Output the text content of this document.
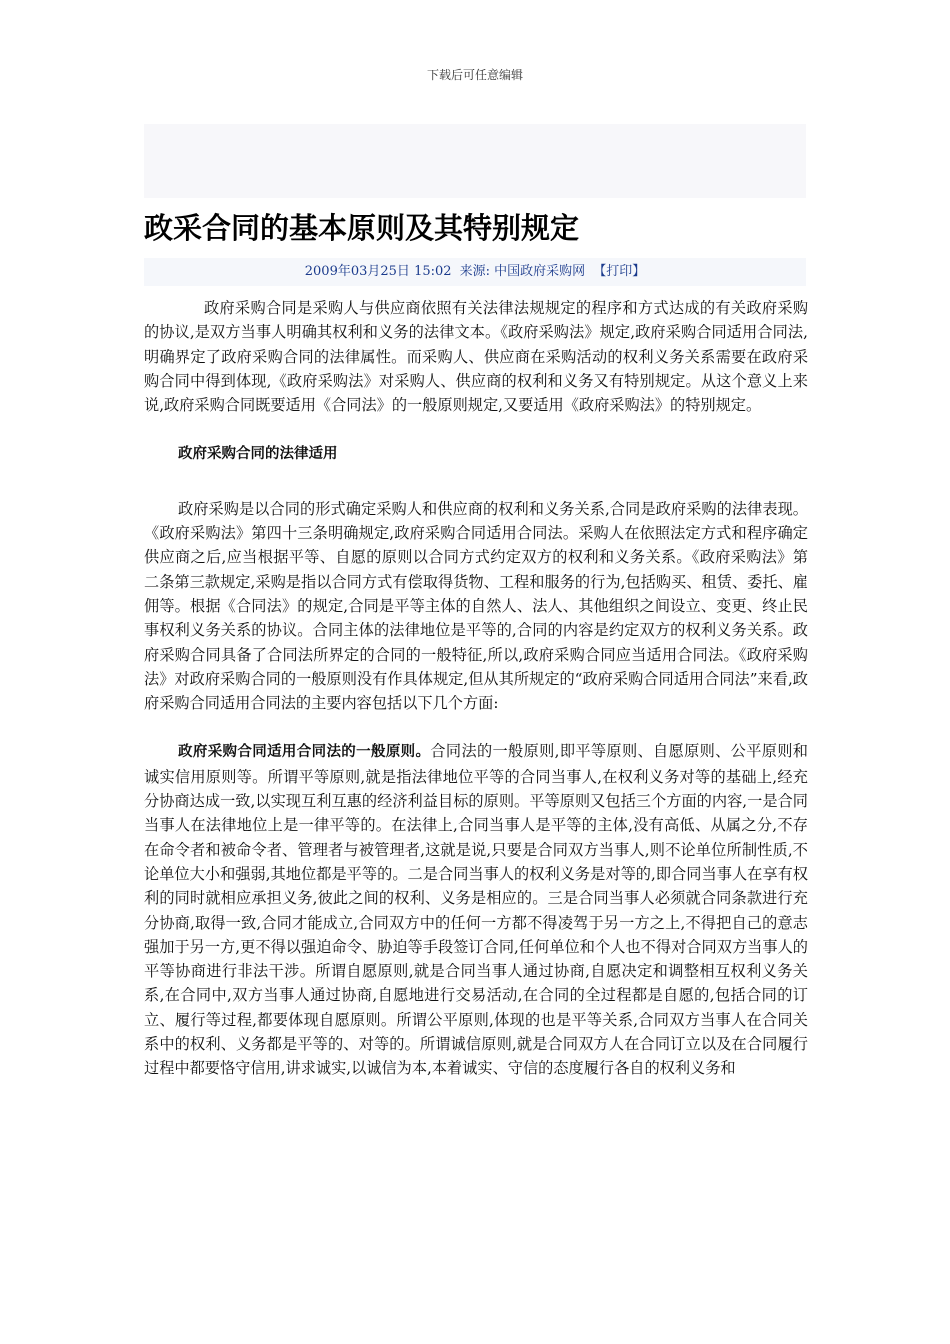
下载后可任意编辑
政采合同的基本原则及其特别规定
2009年03月25日 15:02 来源: 中国政府采购网 【打印】

政府采购合同是采购人与供应商依照有关法律法规规定的程序和方式达成的有关政府采购的协议,是双方当事人明确其权利和义务的法律文本。《政府采购法》规定,政府采购合同适用合同法,明确界定了政府采购合同的法律属性。而采购人、供应商在采购活动的权利义务关系需要在政府采购合同中得到体现,《政府采购法》对采购人、供应商的权利和义务又有特别规定。从这个意义上来说,政府采购合同既要适用《合同法》的一般原则规定,又要适用《政府采购法》的特别规定。

政府采购合同的法律适用

政府采购是以合同的形式确定采购人和供应商的权利和义务关系,合同是政府采购的法律表现。《政府采购法》第四十三条明确规定,政府采购合同适用合同法。采购人在依照法定方式和程序确定供应商之后,应当根据平等、自愿的原则以合同方式约定双方的权利和义务关系。《政府采购法》第二条第三款规定,采购是指以合同方式有偿取得货物、工程和服务的行为,包括购买、租赁、委托、雇佣等。根据《合同法》的规定,合同是平等主体的自然人、法人、其他组织之间设立、变更、终止民事权利义务关系的协议。合同主体的法律地位是平等的,合同的内容是约定双方的权利义务关系。政府采购合同具备了合同法所界定的合同的一般特征,所以,政府采购合同应当适用合同法。《政府采购法》对政府采购合同的一般原则没有作具体规定,但从其所规定的“政府采购合同适用合同法”来看,政府采购合同适用合同法的主要内容包括以下几个方面:

政府采购合同适用合同法的一般原则。合同法的一般原则,即平等原则、自愿原则、公平原则和诚实信用原则等。所谓平等原则,就是指法律地位平等的合同当事人,在权利义务对等的基础上,经充分协商达成一致,以实现互利互惠的经济利益目标的原则。平等原则又包括三个方面的内容,一是合同当事人在法律地位上是一律平等的。在法律上,合同当事人是平等的主体,没有高低、从属之分,不存在命令者和被命令者、管理者与被管理者,这就是说,只要是合同双方当事人,则不论单位所制性质,不论单位大小和强弱,其地位都是平等的。二是合同当事人的权利义务是对等的,即合同当事人在享有权利的同时就相应承担义务,彼此之间的权利、义务是相应的。三是合同当事人必须就合同条款进行充分协商,取得一致,合同才能成立,合同双方中的任何一方都不得凌驾于另一方之上,不得把自己的意志强加于另一方,更不得以强迫命令、胁迫等手段签订合同,任何单位和个人也不得对合同双方当事人的平等协商进行非法干涉。所谓自愿原则,就是合同当事人通过协商,自愿决定和调整相互权利义务关系,在合同中,双方当事人通过协商,自愿地进行交易活动,在合同的全过程都是自愿的,包括合同的订立、履行等过程,都要体现自愿原则。所谓公平原则,体现的也是平等关系,合同双方当事人在合同关系中的权利、义务都是平等的、对等的。所谓诚信原则,就是合同双方人在合同订立以及在合同履行过程中都要恪守信用,讲求诚实,以诚信为本,本着诚实、守信的态度履行各自的权利义务和
